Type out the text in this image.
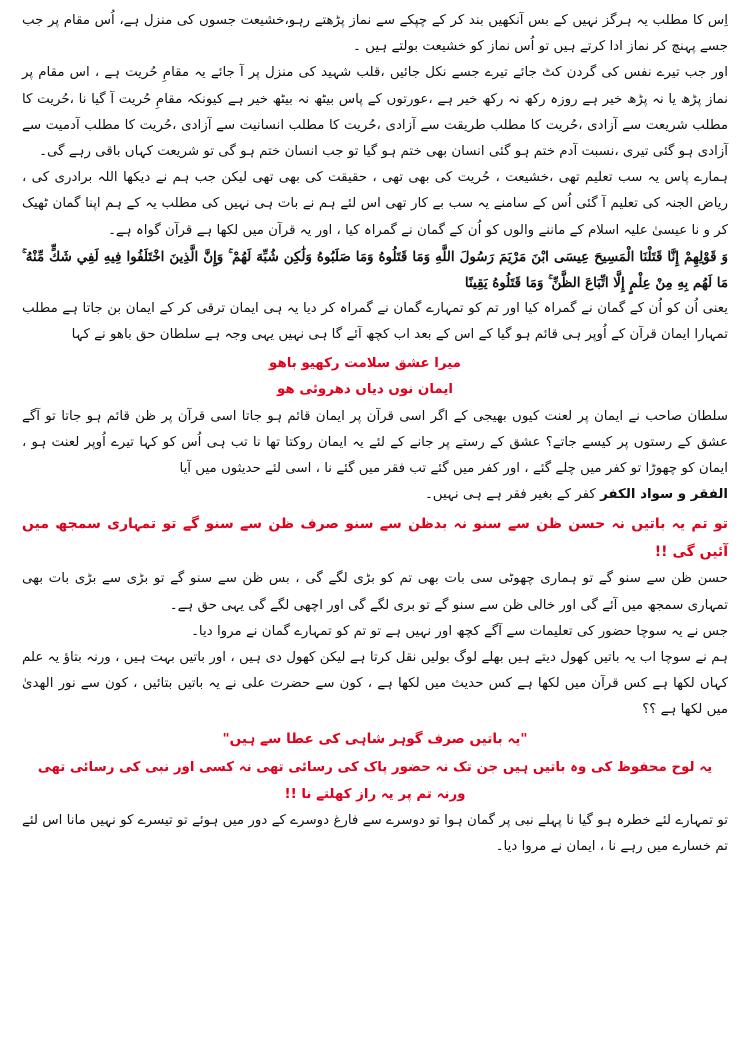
اِس کا مطلب یہ ہرگز نہیں کے بس آنکھیں بند کر کے چپکے سے نماز پڑھتے رہو،خشیعت جسوں کی منزل ہے، اُس مقام پر جب جسے پہنچ کر نماز ادا کرتے ہیں تو اُس نماز کو خشیعت بولتے ہیں ۔

اور جب تیرے نفس کی گردن کٹ جائے تیرے جسے نکل جائیں ،قلب شہید کی منزل پر آ جائے یہ مقامِ حُریت ہے ، اس مقام پر نماز پڑھ یا نہ پڑھ خیر ہے روزہ رکھ نہ رکھ خیر ہے ،عورتوں کے پاس بیٹھ نہ بیٹھ خیر ہے کیونکہ مقامِ حُریت آ گیا نا ،حُریت کا مطلب شریعت سے آزادی ،حُریت کا مطلب طریقت سے آزادی ،حُریت کا مطلب انسانیت سے آزادی ،حُریت کا مطلب آدمیت سے آزادی ہو گئی تیری ،نسبت آدم ختم ہو گئی انسان بھی ختم ہو گیا تو جب انسان ختم ہو گی تو شریعت کہاں باقی رہے گی۔

ہمارے پاس یہ سب تعلیم تھی ،خشیعت ، حُریت کی بھی تھی ، حقیقت کی بھی تھی لیکن جب ہم نے دیکھا اللہ برادری کی ، ریاض الجنہ کی تعلیم آ گئی اُس کے سامنے یہ سب بے کار تھی اس لئے ہم نے بات ہی نہیں کی مطلب یہ کے ہم اپنا گمان ٹھیک کر و نا عیسیٰ علیہ اسلام کے ماننے والوں کو اُن کے گمان نے گمراہ کیا ، اور یہ قرآن میں لکھا ہے قرآن گواہ ہے۔

وَ قَوْلِهِمْ إِنَّا قَتَلْنَا الْمَسِيحَ عِيسَى ابْنَ مَرْيَمَ رَسُولَ اللَّهِ وَمَا قَتَلُوهُ وَمَا صَلَبُوهُ وَلَٰكِن شُبِّهَ لَهُمْ ۚ وَإِنَّ الَّذِينَ اخْتَلَفُوا فِيهِ لَفِي شَكٍّ مِّنْهُ ۚ مَا لَهُم بِهِ مِنْ عِلْمٍ إِلَّا اتِّبَاعَ الظَّنِّ ۚ وَمَا قَتَلُوهُ يَقِينًا

یعنی اُن کو اُن کے گمان نے گمراہ کیا اور تم کو تمہارے گمان نے گمراہ کر دیا یہ ہی ایمان ترقی کر کے ایمان بن جاتا ہے مطلب تمہارا ایمان قرآن کے اُوپر ہی قائم ہو گیا کے اس کے بعد اب کچھ آئے گا ہی نہیں یہی وجہ ہے سلطان حق باھو نے کہا

میرا عشق سلامت رکھیو باھو

ایمان نوں دیاں دھروئی ھو

سلطان صاحب نے ایمان پر لعنت کیوں بھیجی کے اگر اسی قرآن پر ایمان قائم ہو جاتا اسی قرآن پر ظن قائم ہو جاتا تو آگے عشق کے رستوں پر کیسے جاتے؟ عشق کے رستے پر جانے کے لئے یہ ایمان روکتا تھا نا تب ہی اُس کو کہا تیرے اُوپر لعنت ہو ، ایمان کو چھوڑا تو کفر میں چلے گئے ، اور کفر میں گئے تب فقر میں گئے نا ، اسی لئے حدیثوں میں آیا

الفقر و سواد الکفر کفر کے بغیر فقر ہے ہی نہیں۔

تو تم یہ باتیں نہ حسن ظن سے سنو نہ بدظن سے سنو صرف ظن سے سنو گے تو تمہاری سمجھ میں آئیں گی !!

حسن ظن سے سنو گے تو ہماری چھوٹی سی بات بھی تم کو بڑی لگے گی ، بس ظن سے سنو گے تو بڑی سے بڑی بات بھی تمہاری سمجھ میں آئے گی اور خالی ظن سے سنو گے تو بری لگے گی اور اچھی لگے گی یہی حق ہے۔

جس نے یہ سوچا حضور کی تعلیمات سے آگے کچھ اور نہیں ہے تو تم کو تمہارے گمان نے مروا دیا۔

ہم نے سوچا اب یہ باتیں کھول دیتے ہیں بھلے لوگ بولیں نقل کرتا ہے لیکن کھول دی ہیں ، اور باتیں بہت ہیں ، ورنہ بتاؤ یہ علم کہاں لکھا ہے کس قرآن میں لکھا ہے کس حدیث میں لکھا ہے ، کون سے حضرت علی نے یہ باتیں بتائیں ، کون سے نور الھدیٰ میں لکھا ہے ؟؟

"یہ باتیں صرف گوہر شاہی کی عطا سے ہیں"

یہ لوح محفوظ کی وہ باتیں ہیں جن تک نہ حضور پاک کی رسائی تھی نہ کسی اور نبی کی رسائی تھی ورنہ تم پر یہ راز کھلتے نا !!

تو تمہارے لئے خطرہ ہو گیا نا پہلے نبی پر گمان ہوا تو دوسرے سے فارغ دوسرے کے دور میں ہوئے تو تیسرے کو نہیں مانا اس لئے تم خسارے میں رہے نا ، ایمان نے مروا دیا۔
